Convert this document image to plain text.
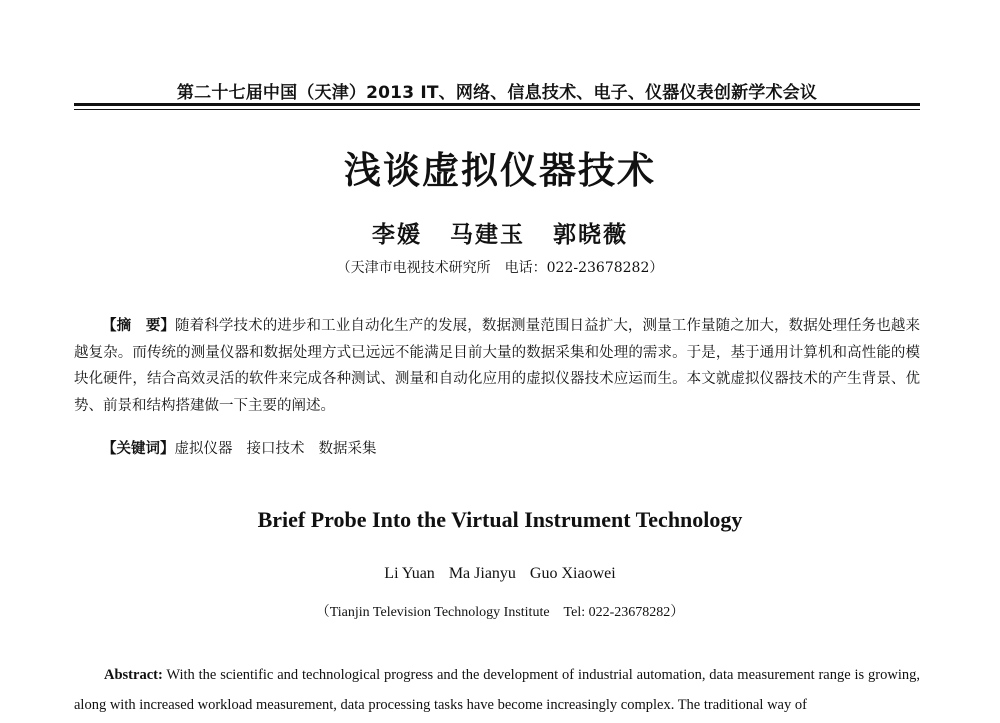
第二十七届中国（天津）2013 IT、网络、信息技术、电子、仪器仪表创新学术会议
浅谈虚拟仪器技术
李媛 马建玉 郭晓薇
（天津市电视技术研究所　电话：022-23678282）
【摘　要】随着科学技术的进步和工业自动化生产的发展，数据测量范围日益扩大，测量工作量随之加大，数据处理任务也越来越复杂。而传统的测量仪器和数据处理方式已远远不能满足目前大量的数据采集和处理的需求。于是，基于通用计算机和高性能的模块化硬件，结合高效灵活的软件来完成各种测试、测量和自动化应用的虚拟仪器技术应运而生。本文就虚拟仪器技术的产生背景、优势、前景和结构搭建做一下主要的阐述。
【关键词】虚拟仪器 接口技术 数据采集
Brief Probe Into the Virtual Instrument Technology
Li Yuan Ma Jianyu Guo Xiaowei
（Tianjin Television Technology Institute　Tel: 022-23678282）
Abstract: With the scientific and technological progress and the development of industrial automation, data measurement range is growing, along with increased workload measurement, data processing tasks have become increasingly complex. The traditional way of
